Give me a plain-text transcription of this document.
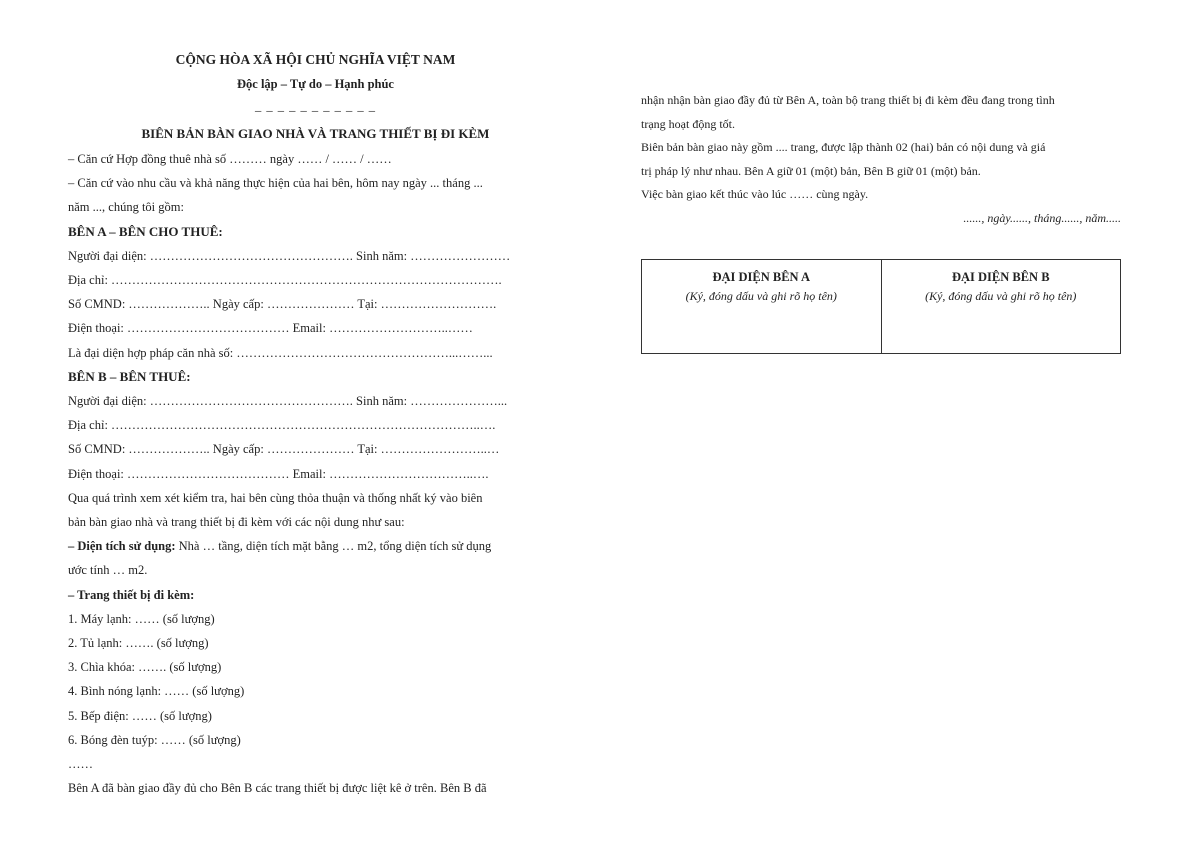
CỘNG HÒA XÃ HỘI CHỦ NGHĨA VIỆT NAM
Độc lập – Tự do – Hạnh phúc
_ _ _ _ _ _ _ _ _ _ _
BIÊN BẢN BÀN GIAO NHÀ VÀ TRANG THIẾT BỊ ĐI KÈM

– Căn cứ Hợp đồng thuê nhà số ……… ngày …… / …… / ……

– Căn cứ vào nhu cầu và khả năng thực hiện của hai bên, hôm nay ngày ... tháng ...

năm ..., chúng tôi gồm:

BÊN A – BÊN CHO THUÊ:

Người đại diện: …………………………………………. Sinh năm: ……………………

Địa chỉ: ………………………………………………………………………………….

Số CMND: ……………….. Ngày cấp: ………………… Tại: ……………………….

Điện thoại: ………………………………… Email: ………………………..……

Là đại diện hợp pháp căn nhà số: ……………………………………………...……...

BÊN B – BÊN THUÊ:

Người đại diện: …………………………………………. Sinh năm: …………………...

Địa chỉ: ……………………………………………………………………………..….

Số CMND: ……………….. Ngày cấp: ………………… Tại: ……………………..…

Điện thoại: ………………………………… Email: ……………………………..….

Qua quá trình xem xét kiểm tra, hai bên cùng thỏa thuận và thống nhất ký vào biên

bản bàn giao nhà và trang thiết bị đi kèm với các nội dung như sau:

– Diện tích sử dụng: Nhà … tầng, diện tích mặt bằng … m2, tổng diện tích sử dụng

ước tính … m2.

– Trang thiết bị đi kèm:

1. Máy lạnh: …… (số lượng)

2. Tủ lạnh: ……. (số lượng)

3. Chìa khóa: ……. (số lượng)

4. Bình nóng lạnh: …… (số lượng)

5. Bếp điện: …… (số lượng)

6. Bóng đèn tuýp: …… (số lượng)

……

Bên A đã bàn giao đầy đủ cho Bên B các trang thiết bị được liệt kê ở trên. Bên B đã

nhận nhận bàn giao đầy đủ từ Bên A, toàn bộ trang thiết bị đi kèm đều đang trong tình

trạng hoạt động tốt.

Biên bản bàn giao này gồm .... trang, được lập thành 02 (hai) bản có nội dung và giá

trị pháp lý như nhau. Bên A giữ 01 (một) bản, Bên B giữ 01 (một) bản.

Việc bàn giao kết thúc vào lúc …… cùng ngày.

......, ngày......, tháng......, năm.....

ĐẠI DIỆN BÊN A
(Ký, đóng dấu và ghi rõ họ tên)

ĐẠI DIỆN BÊN B
(Ký, đóng dấu và ghi rõ họ tên)
